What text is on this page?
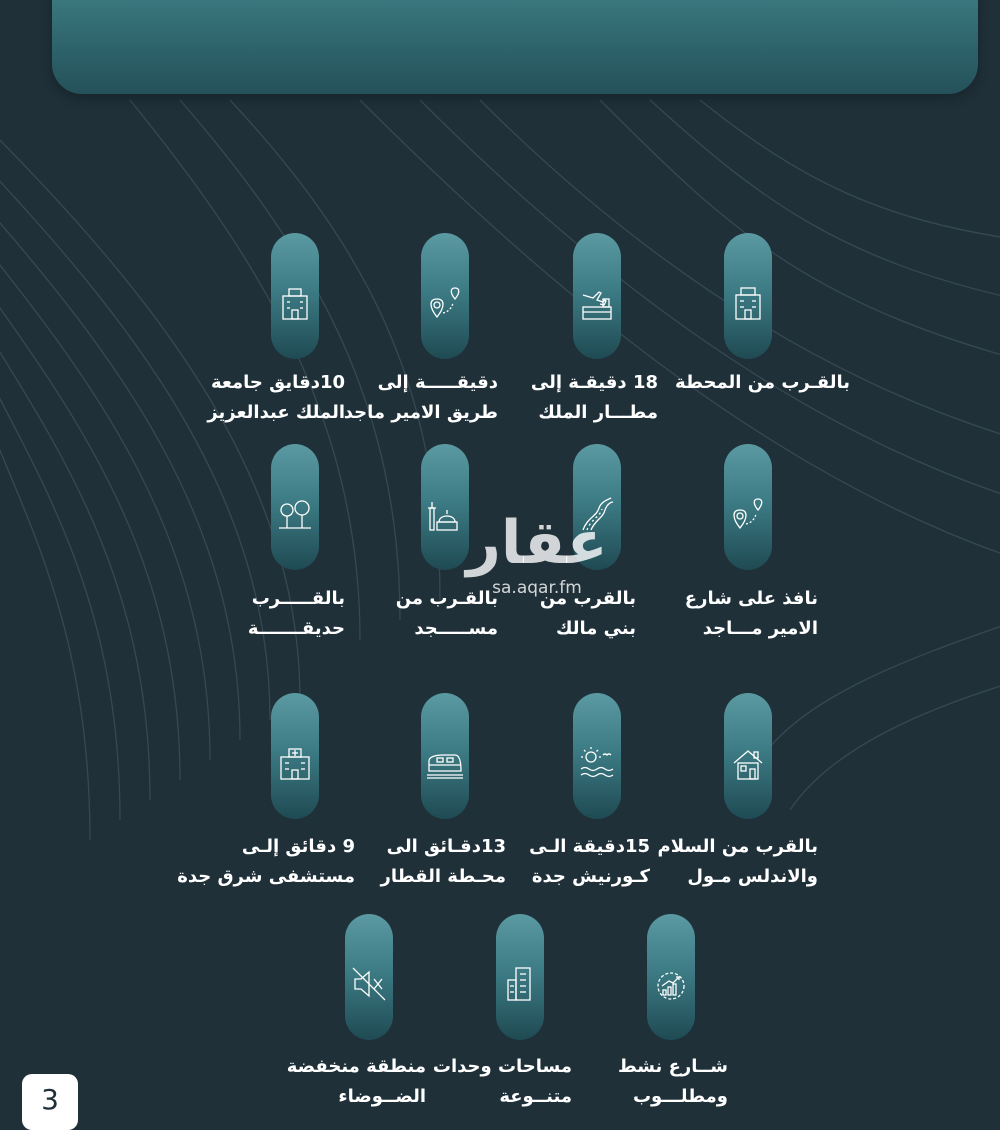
بالقـرب من المحطة
18 دقيقـة إلى
مطـــار الملك
دقيقـــــة إلى
طريق الامير ماجد
10دقايق جامعة
الملك عبدالعزيز
نافذ على شارع
الامير مـــاجد
بالقرب من
بني مالك
بالقـرب من
مســـــجد
بالقـــــرب
حديقـــــــة
بالقرب من السلام
والاندلس مـول
15دقيقة الـى
كـورنيش جدة
13دقـائق الى
محـطة القطار
9 دقائق إلـى
مستشفى شرق جدة
شــارع نشط
ومطلـــوب
مساحات وحدات
متنــوعة
منطقة منخفضة
الضــوضاء
عقار
sa.aqar.fm
3
